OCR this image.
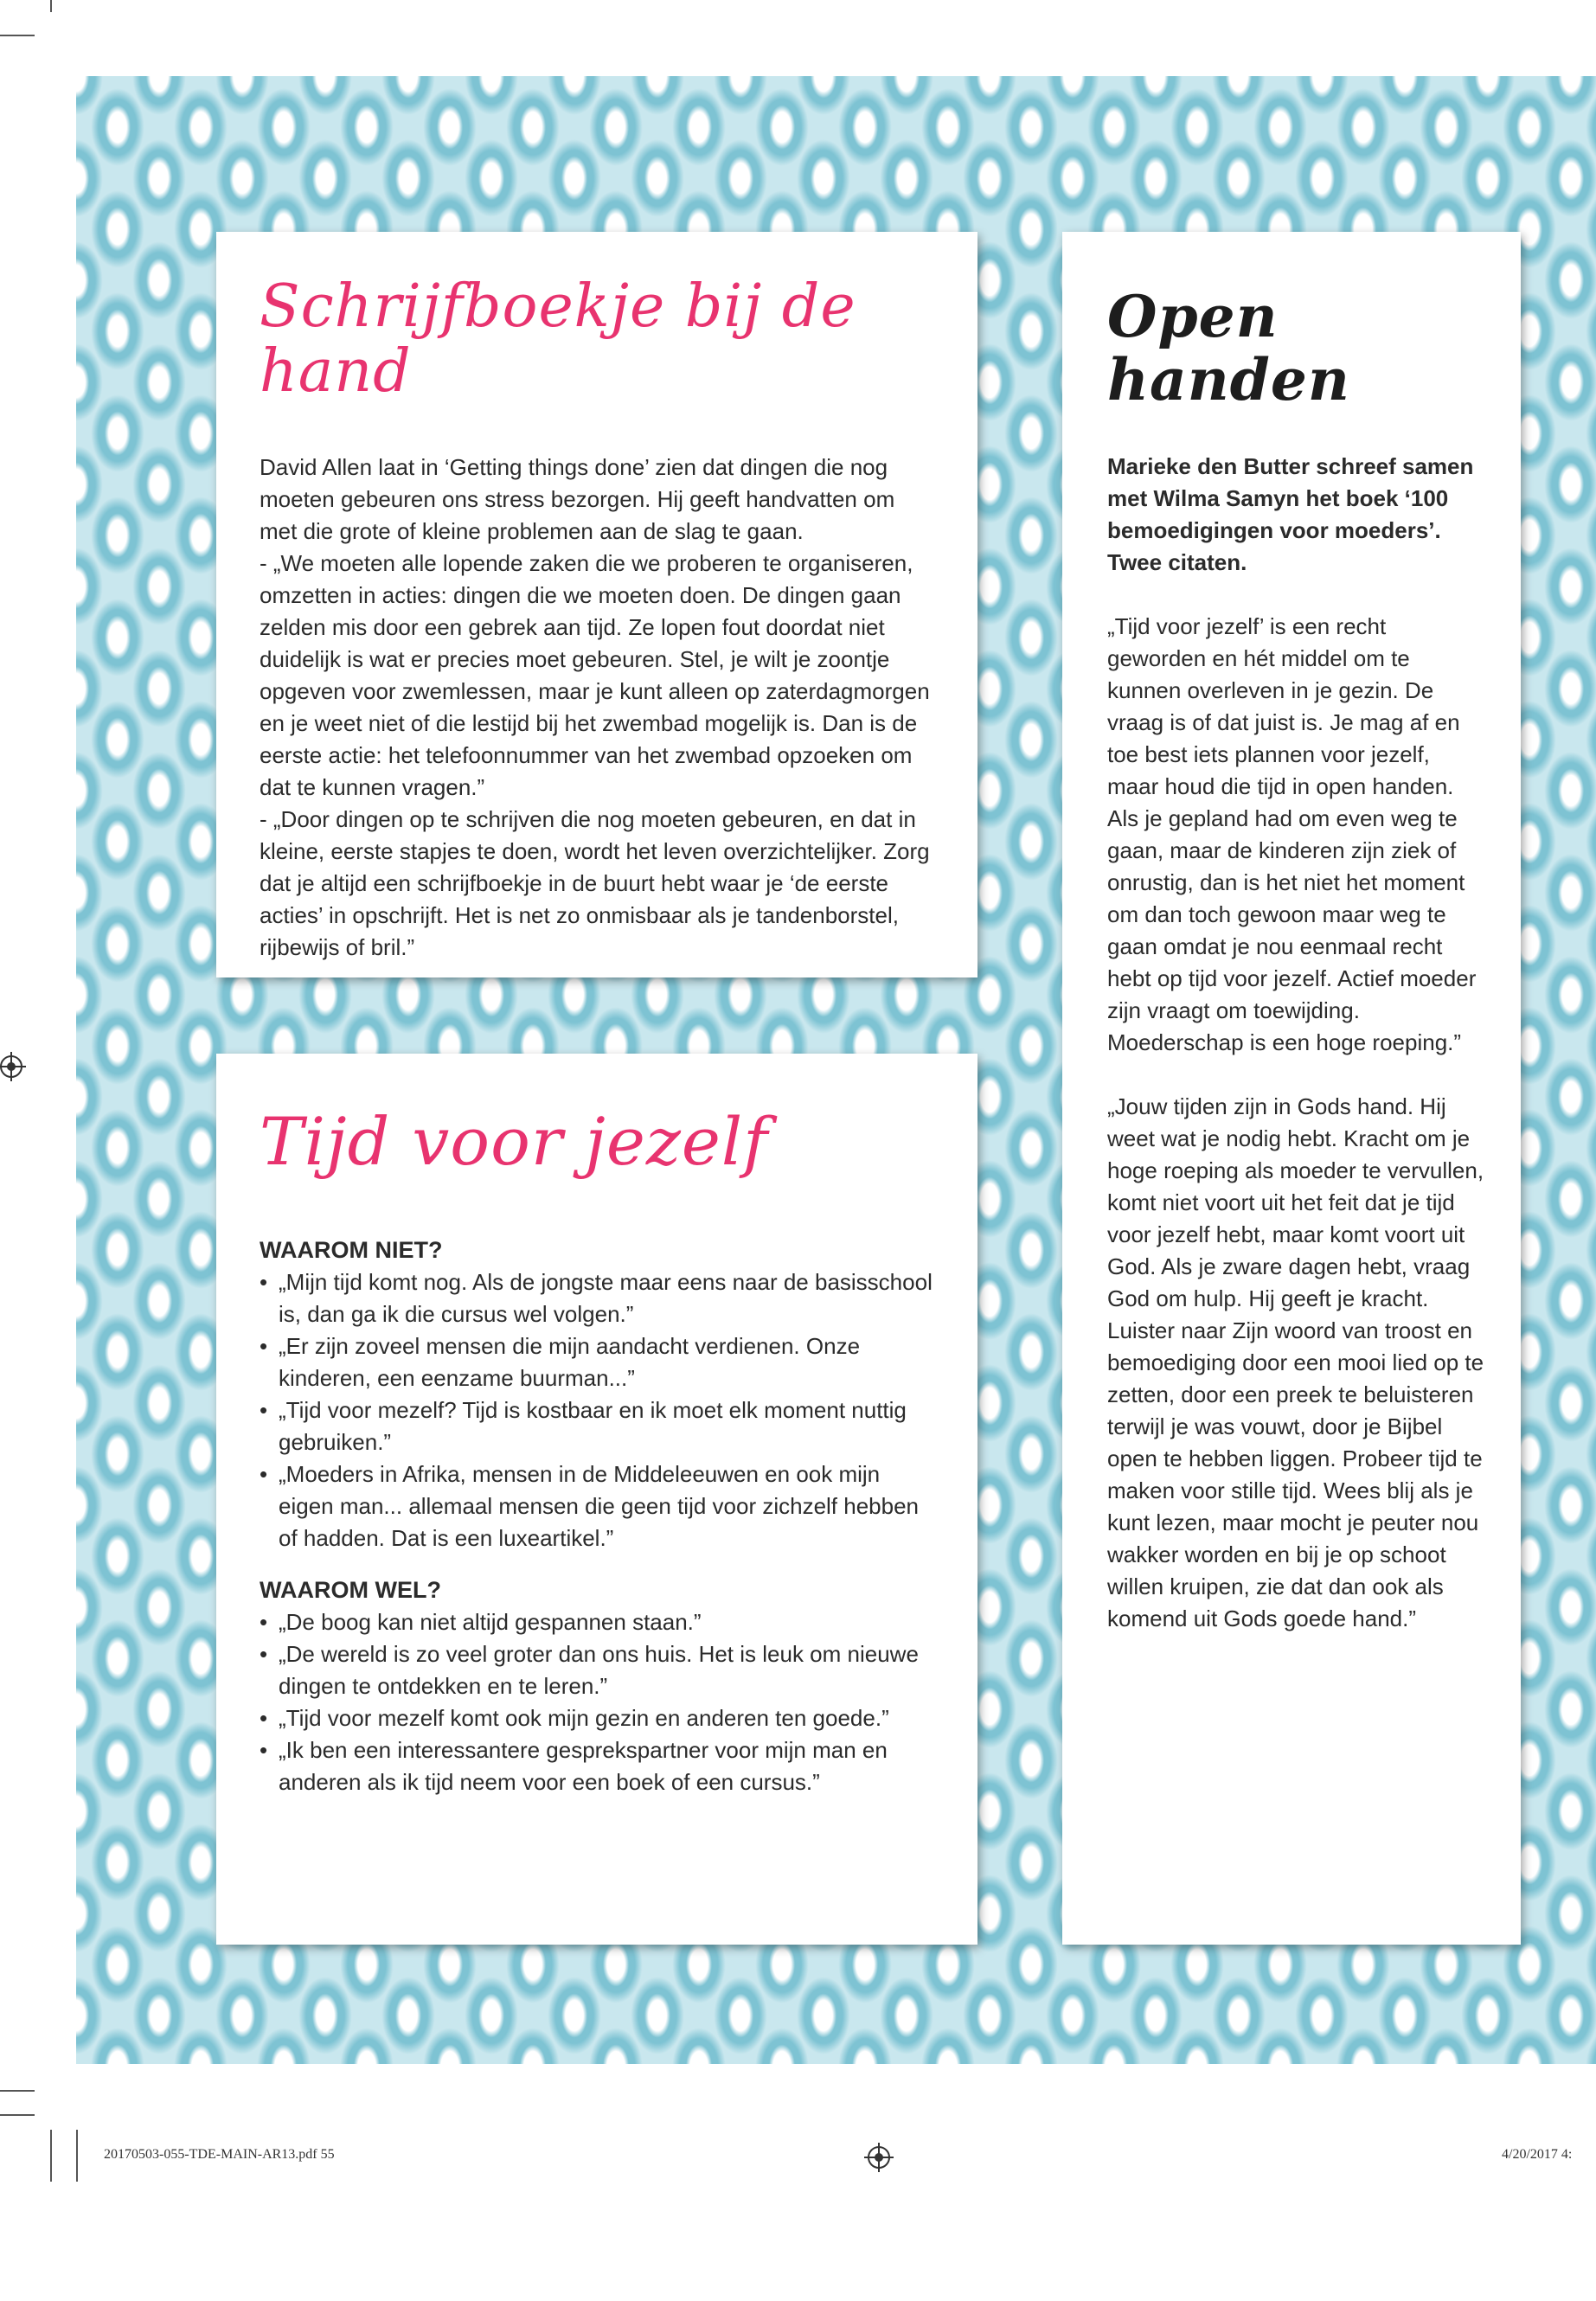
Schrijfboekje bij de hand

David Allen laat in ‘Getting things done’ zien dat dingen die nog moeten gebeuren ons stress bezorgen. Hij geeft handvatten om met die grote of kleine problemen aan de slag te gaan.

- „We moeten alle lopende zaken die we proberen te organiseren, omzetten in acties: dingen die we moeten doen. De dingen gaan zelden mis door een gebrek aan tijd. Ze lopen fout doordat niet duidelijk is wat er precies moet gebeuren. Stel, je wilt je zoontje opgeven voor zwemlessen, maar je kunt alleen op zaterdagmorgen en je weet niet of die lestijd bij het zwembad mogelijk is. Dan is de eerste actie: het telefoonnummer van het zwembad opzoeken om dat te kunnen vragen.”

- „Door dingen op te schrijven die nog moeten gebeuren, en dat in kleine, eerste stapjes te doen, wordt het leven overzichtelijker. Zorg dat je altijd een schrijfboekje in de buurt hebt waar je ‘de eerste acties’ in opschrijft. Het is net zo onmisbaar als je tandenborstel, rijbewijs of bril.”

Tijd voor jezelf

WAAROM NIET?

• „Mijn tijd komt nog. Als de jongste maar eens naar de basisschool is, dan ga ik die cursus wel volgen.”
• „Er zijn zoveel mensen die mijn aandacht verdienen. Onze kinderen, een eenzame buurman...”
• „Tijd voor mezelf? Tijd is kostbaar en ik moet elk moment nuttig gebruiken.”
• „Moeders in Afrika, mensen in de Middeleeuwen en ook mijn eigen man... allemaal mensen die geen tijd voor zichzelf hebben of hadden. Dat is een luxeartikel.”

WAAROM WEL?

• „De boog kan niet altijd gespannen staan.”
• „De wereld is zo veel groter dan ons huis. Het is leuk om nieuwe dingen te ontdekken en te leren.”
• „Tijd voor mezelf komt ook mijn gezin en anderen ten goede.”
• „Ik ben een interessantere gesprekspartner voor mijn man en anderen als ik tijd neem voor een boek of een cursus.”
Open handen

Marieke den Butter schreef samen met Wilma Samyn het boek ‘100 bemoedigingen voor moeders’. Twee citaten.

„Tijd voor jezelf’ is een recht geworden en hét middel om te kunnen overleven in je gezin. De vraag is of dat juist is. Je mag af en toe best iets plannen voor jezelf, maar houd die tijd in open handen. Als je gepland had om even weg te gaan, maar de kinderen zijn ziek of onrustig, dan is het niet het moment om dan toch gewoon maar weg te gaan omdat je nou eenmaal recht hebt op tijd voor jezelf. Actief moeder zijn vraagt om toewijding. Moederschap is een hoge roeping.”

„Jouw tijden zijn in Gods hand. Hij weet wat je nodig hebt. Kracht om je hoge roeping als moeder te vervullen, komt niet voort uit het feit dat je tijd voor jezelf hebt, maar komt voort uit God. Als je zware dagen hebt, vraag God om hulp. Hij geeft je kracht. Luister naar Zijn woord van troost en bemoediging door een mooi lied op te zetten, door een preek te beluisteren terwijl je was vouwt, door je Bijbel open te hebben liggen. Probeer tijd te maken voor stille tijd. Wees blij als je kunt lezen, maar mocht je peuter nou wakker worden en bij je op schoot willen kruipen, zie dat dan ook als komend uit Gods goede hand.”

20170503-055-TDE-MAIN-AR13.pdf 55	4/20/2017 4:
